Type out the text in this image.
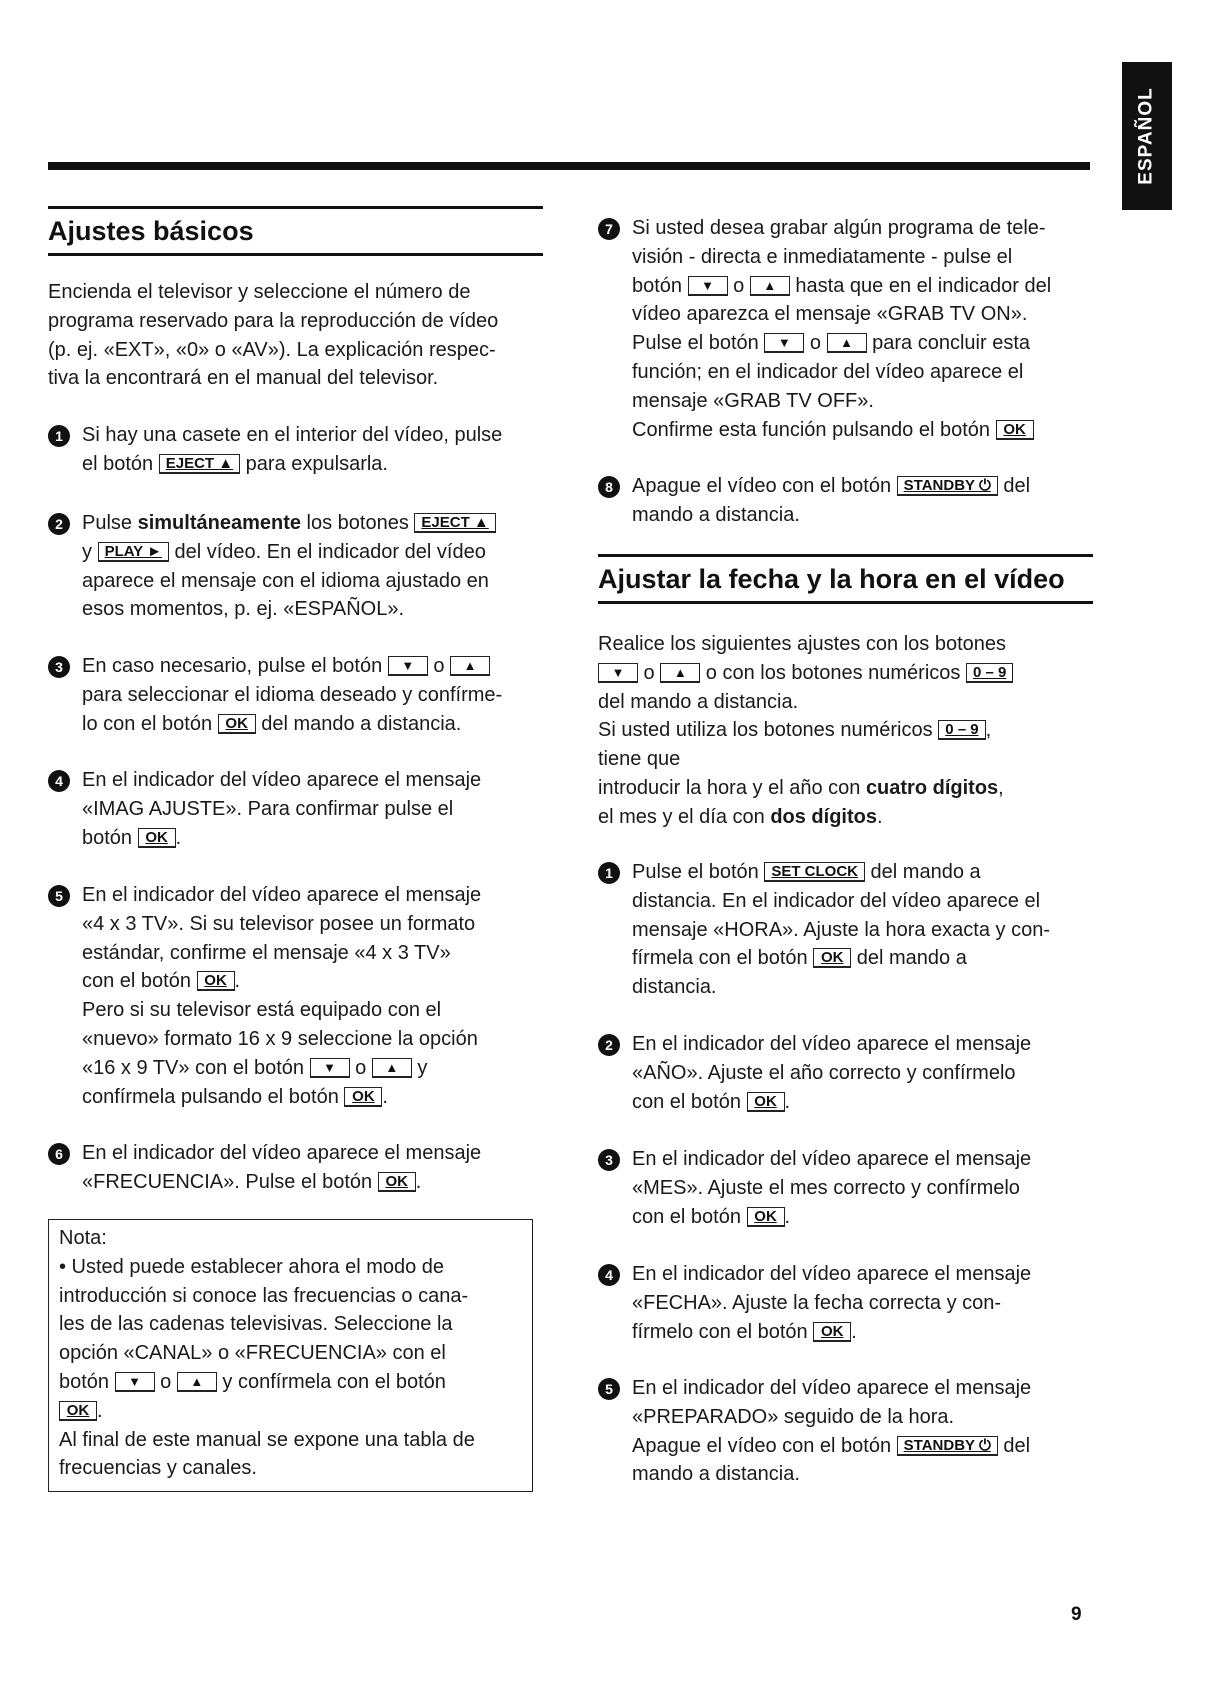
ESPAÑOL
Ajustes básicos

Encienda el televisor y seleccione el número de
programa reservado para la reproducción de vídeo
(p. ej. «EXT», «0» o «AV»). La explicación respec-
tiva la encontrará en el manual del televisor.

1 Si hay una casete en el interior del vídeo, pulse
el botón EJECT ▲ para expulsarla.
2 Pulse simultáneamente los botones EJECT ▲
y PLAY ► del vídeo. En el indicador del vídeo
aparece el mensaje con el idioma ajustado en
esos momentos, p. ej. «ESPAÑOL».
3 En caso necesario, pulse el botón ▼ o ▲
para seleccionar el idioma deseado y confírme-
lo con el botón OK del mando a distancia.
4 En el indicador del vídeo aparece el mensaje
«IMAG AJUSTE». Para confirmar pulse el
botón OK .
5 En el indicador del vídeo aparece el mensaje
«4 x 3 TV». Si su televisor posee un formato
estándar, confirme el mensaje «4 x 3 TV»
con el botón OK .
Pero si su televisor está equipado con el
«nuevo» formato 16 x 9 seleccione la opción
«16 x 9 TV» con el botón ▼ o ▲ y
confírmela pulsando el botón OK .
6 En el indicador del vídeo aparece el mensaje
«FRECUENCIA». Pulse el botón OK .
Nota:
• Usted puede establecer ahora el modo de
introducción si conoce las frecuencias o cana-
les de las cadenas televisivas. Seleccione la
opción «CANAL» o «FRECUENCIA» con el
botón ▼ o ▲ y confírmela con el botón
OK .
Al final de este manual se expone una tabla de
frecuencias y canales.
7 Si usted desea grabar algún programa de tele-
visión - directa e inmediatamente - pulse el
botón ▼ o ▲ hasta que en el indicador del
vídeo aparezca el mensaje «GRAB TV ON».
Pulse el botón ▼ o ▲ para concluir esta
función; en el indicador del vídeo aparece el
mensaje «GRAB TV OFF».
Confirme esta función pulsando el botón OK
8 Apague el vídeo con el botón STANDBY ⏻ del
mando a distancia.
Ajustar la fecha y la hora en el vídeo

Realice los siguientes ajustes con los botones
▼ o ▲ o con los botones numéricos 0 – 9
del mando a distancia.
Si usted utiliza los botones numéricos 0 – 9 ,
tiene que
introducir la hora y el año con cuatro dígitos,
el mes y el día con dos dígitos.

1 Pulse el botón SET CLOCK del mando a
distancia. En el indicador del vídeo aparece el
mensaje «HORA». Ajuste la hora exacta y con-
fírmela con el botón OK del mando a
distancia.
2 En el indicador del vídeo aparece el mensaje
«AÑO». Ajuste el año correcto y confírmelo
con el botón OK .
3 En el indicador del vídeo aparece el mensaje
«MES». Ajuste el mes correcto y confírmelo
con el botón OK .
4 En el indicador del vídeo aparece el mensaje
«FECHA». Ajuste la fecha correcta y con-
fírmelo con el botón OK .
5 En el indicador del vídeo aparece el mensaje
«PREPARADO» seguido de la hora.
Apague el vídeo con el botón STANDBY ⏻ del
mando a distancia.
9
